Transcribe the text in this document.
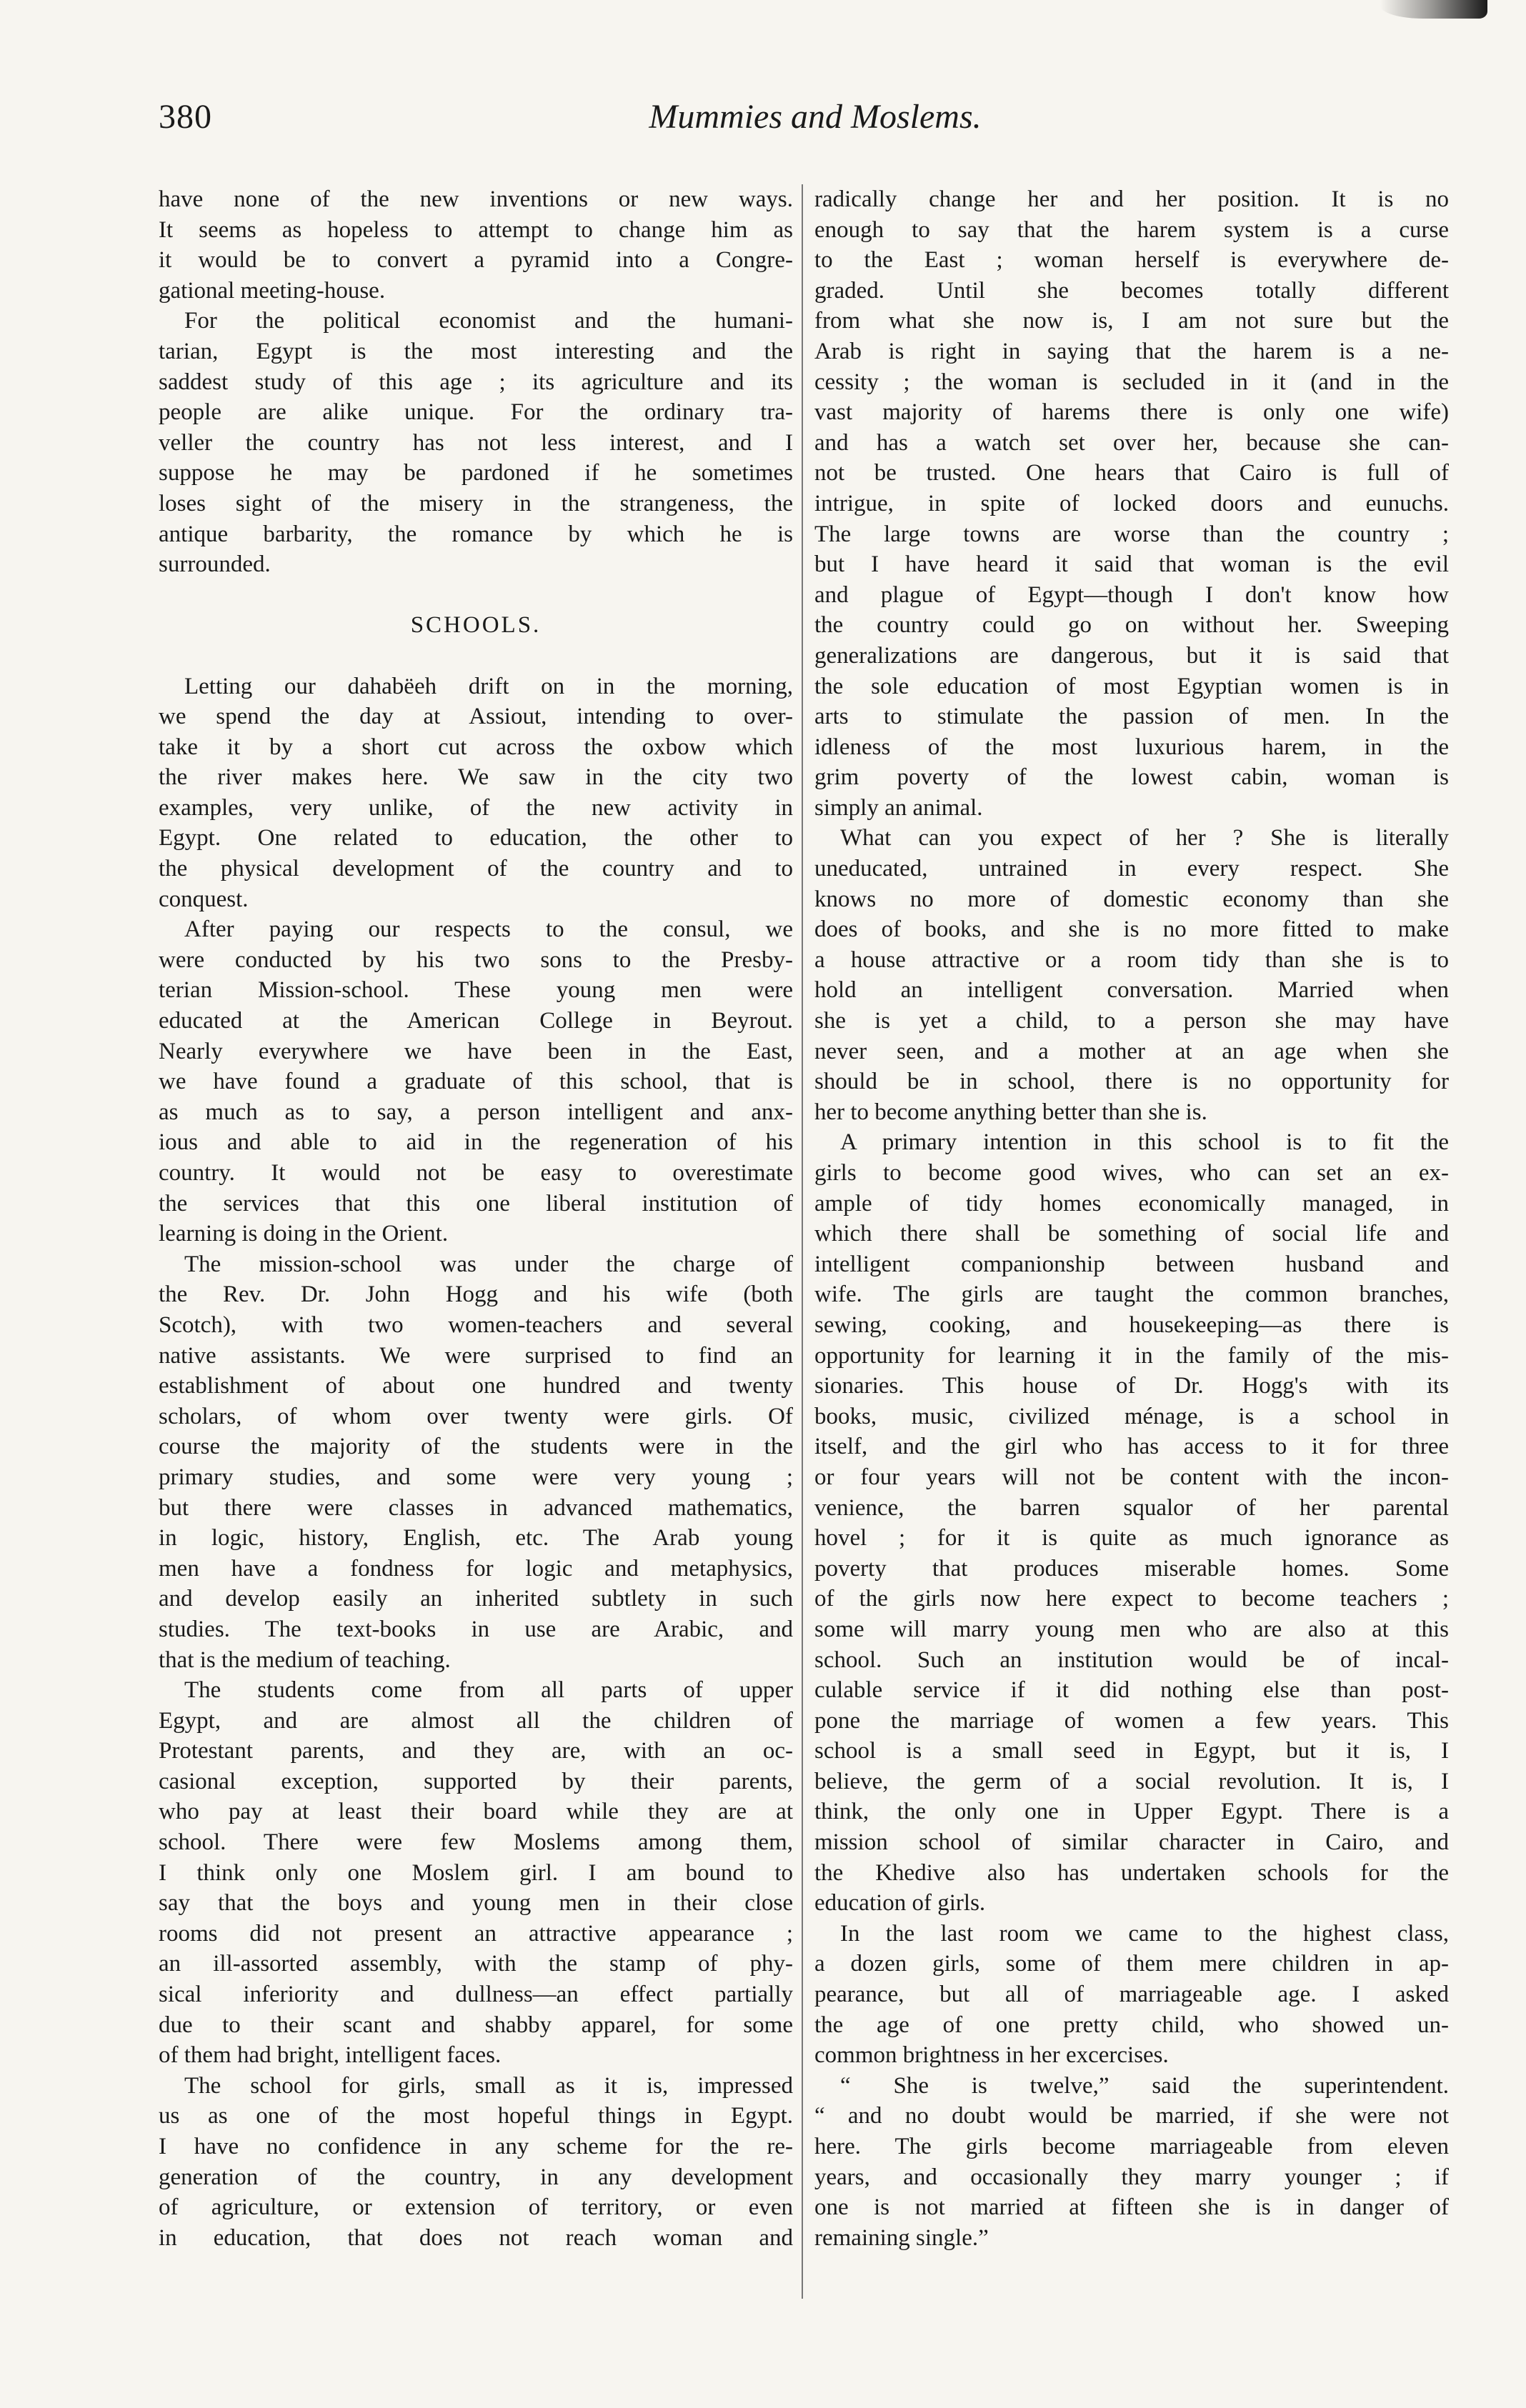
380	Mummies and Moslems.
have none of the new inventions or new ways.
It seems as hopeless to attempt to change him as
it would be to convert a pyramid into a Congre-
gational meeting-house.
For the political economist and the humani-
tarian, Egypt is the most interesting and the
saddest study of this age ; its agriculture and its
people are alike unique. For the ordinary tra-
veller the country has not less interest, and I
suppose he may be pardoned if he sometimes
loses sight of the misery in the strangeness, the
antique barbarity, the romance by which he is
surrounded.
SCHOOLS.
Letting our dahabëeh drift on in the morning,
we spend the day at Assiout, intending to over-
take it by a short cut across the oxbow which
the river makes here. We saw in the city two
examples, very unlike, of the new activity in
Egypt. One related to education, the other to
the physical development of the country and to
conquest.
After paying our respects to the consul, we
were conducted by his two sons to the Presby-
terian Mission-school. These young men were
educated at the American College in Beyrout.
Nearly everywhere we have been in the East,
we have found a graduate of this school, that is
as much as to say, a person intelligent and anx-
ious and able to aid in the regeneration of his
country. It would not be easy to overestimate
the services that this one liberal institution of
learning is doing in the Orient.
The mission-school was under the charge of
the Rev. Dr. John Hogg and his wife (both
Scotch), with two women-teachers and several
native assistants. We were surprised to find an
establishment of about one hundred and twenty
scholars, of whom over twenty were girls. Of
course the majority of the students were in the
primary studies, and some were very young ;
but there were classes in advanced mathematics,
in logic, history, English, etc. The Arab young
men have a fondness for logic and metaphysics,
and develop easily an inherited subtlety in such
studies. The text-books in use are Arabic, and
that is the medium of teaching.
The students come from all parts of upper
Egypt, and are almost all the children of
Protestant parents, and they are, with an oc-
casional exception, supported by their parents,
who pay at least their board while they are at
school. There were few Moslems among them,
I think only one Moslem girl. I am bound to
say that the boys and young men in their close
rooms did not present an attractive appearance ;
an ill-assorted assembly, with the stamp of phy-
sical inferiority and dullness—an effect partially
due to their scant and shabby apparel, for some
of them had bright, intelligent faces.
The school for girls, small as it is, impressed
us as one of the most hopeful things in Egypt.
I have no confidence in any scheme for the re-
generation of the country, in any development
of agriculture, or extension of territory, or even
in education, that does not reach woman and
radically change her and her position. It is no
enough to say that the harem system is a curse
to the East ; woman herself is everywhere de-
graded. Until she becomes totally different
from what she now is, I am not sure but the
Arab is right in saying that the harem is a ne-
cessity ; the woman is secluded in it (and in the
vast majority of harems there is only one wife)
and has a watch set over her, because she can-
not be trusted. One hears that Cairo is full of
intrigue, in spite of locked doors and eunuchs.
The large towns are worse than the country ;
but I have heard it said that woman is the evil
and plague of Egypt—though I don't know how
the country could go on without her. Sweeping
generalizations are dangerous, but it is said that
the sole education of most Egyptian women is in
arts to stimulate the passion of men. In the
idleness of the most luxurious harem, in the
grim poverty of the lowest cabin, woman is
simply an animal.
What can you expect of her ? She is literally
uneducated, untrained in every respect. She
knows no more of domestic economy than she
does of books, and she is no more fitted to make
a house attractive or a room tidy than she is to
hold an intelligent conversation. Married when
she is yet a child, to a person she may have
never seen, and a mother at an age when she
should be in school, there is no opportunity for
her to become anything better than she is.
A primary intention in this school is to fit the
girls to become good wives, who can set an ex-
ample of tidy homes economically managed, in
which there shall be something of social life and
intelligent companionship between husband and
wife. The girls are taught the common branches,
sewing, cooking, and housekeeping—as there is
opportunity for learning it in the family of the mis-
sionaries. This house of Dr. Hogg's with its
books, music, civilized ménage, is a school in
itself, and the girl who has access to it for three
or four years will not be content with the incon-
venience, the barren squalor of her parental
hovel ; for it is quite as much ignorance as
poverty that produces miserable homes. Some
of the girls now here expect to become teachers ;
some will marry young men who are also at this
school. Such an institution would be of incal-
culable service if it did nothing else than post-
pone the marriage of women a few years. This
school is a small seed in Egypt, but it is, I
believe, the germ of a social revolution. It is, I
think, the only one in Upper Egypt. There is a
mission school of similar character in Cairo, and
the Khedive also has undertaken schools for the
education of girls.
In the last room we came to the highest class,
a dozen girls, some of them mere children in ap-
pearance, but all of marriageable age. I asked
the age of one pretty child, who showed un-
common brightness in her excercises.
“ She is twelve,” said the superintendent.
“ and no doubt would be married, if she were not
here. The girls become marriageable from eleven
years, and occasionally they marry younger ; if
one is not married at fifteen she is in danger of
remaining single.”
